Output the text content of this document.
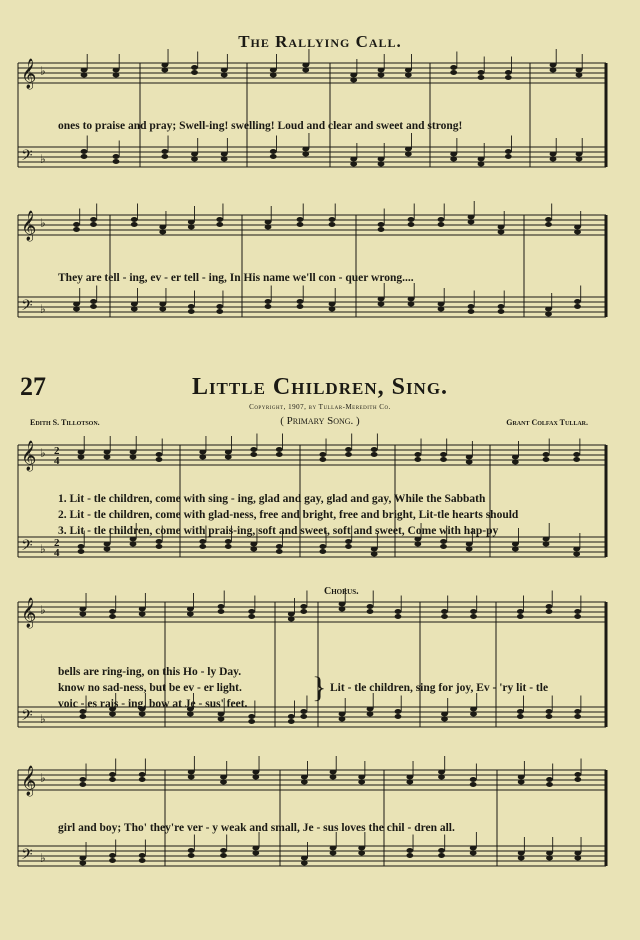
𝄞 ♭
𝄢 ♭
𝄞 ♭
𝄢 ♭
𝄞 ♭
𝄢 ♭
𝄞 ♭
𝄢 ♭
𝄞 ♭
𝄢 ♭
2
4
2
4
The Rallying Call.
ones to praise and pray; Swell-ing! swelling! Loud and clear and sweet and strong!
They are tell - ing, ev - er tell - ing, In His name we'll con - quer wrong....
27	Little Children, Sing.
Copyright, 1907, by Tullar-Meredith Co.
Edith S. Tillotson.	( Primary Song. )	Grant Colfax Tullar.
1. Lit - tle children, come with sing - ing, glad and gay, glad and gay, While the Sabbath
2. Lit - tle children, come with glad-ness, free and bright, free and bright, Lit-tle hearts should
3. Lit - tle children, come with prais-ing, soft and sweet, soft and sweet, Come with hap-py
Chorus.
bells are ring-ing, on this Ho - ly Day.
know no sad-ness, but be ev - er light.
voic - es rais - ing, bow at Je - sus' feet. } Lit - tle children, sing for joy, Ev - 'ry lit - tle
girl and boy; Tho' they're ver - y weak and small, Je - sus loves the chil - dren all.
